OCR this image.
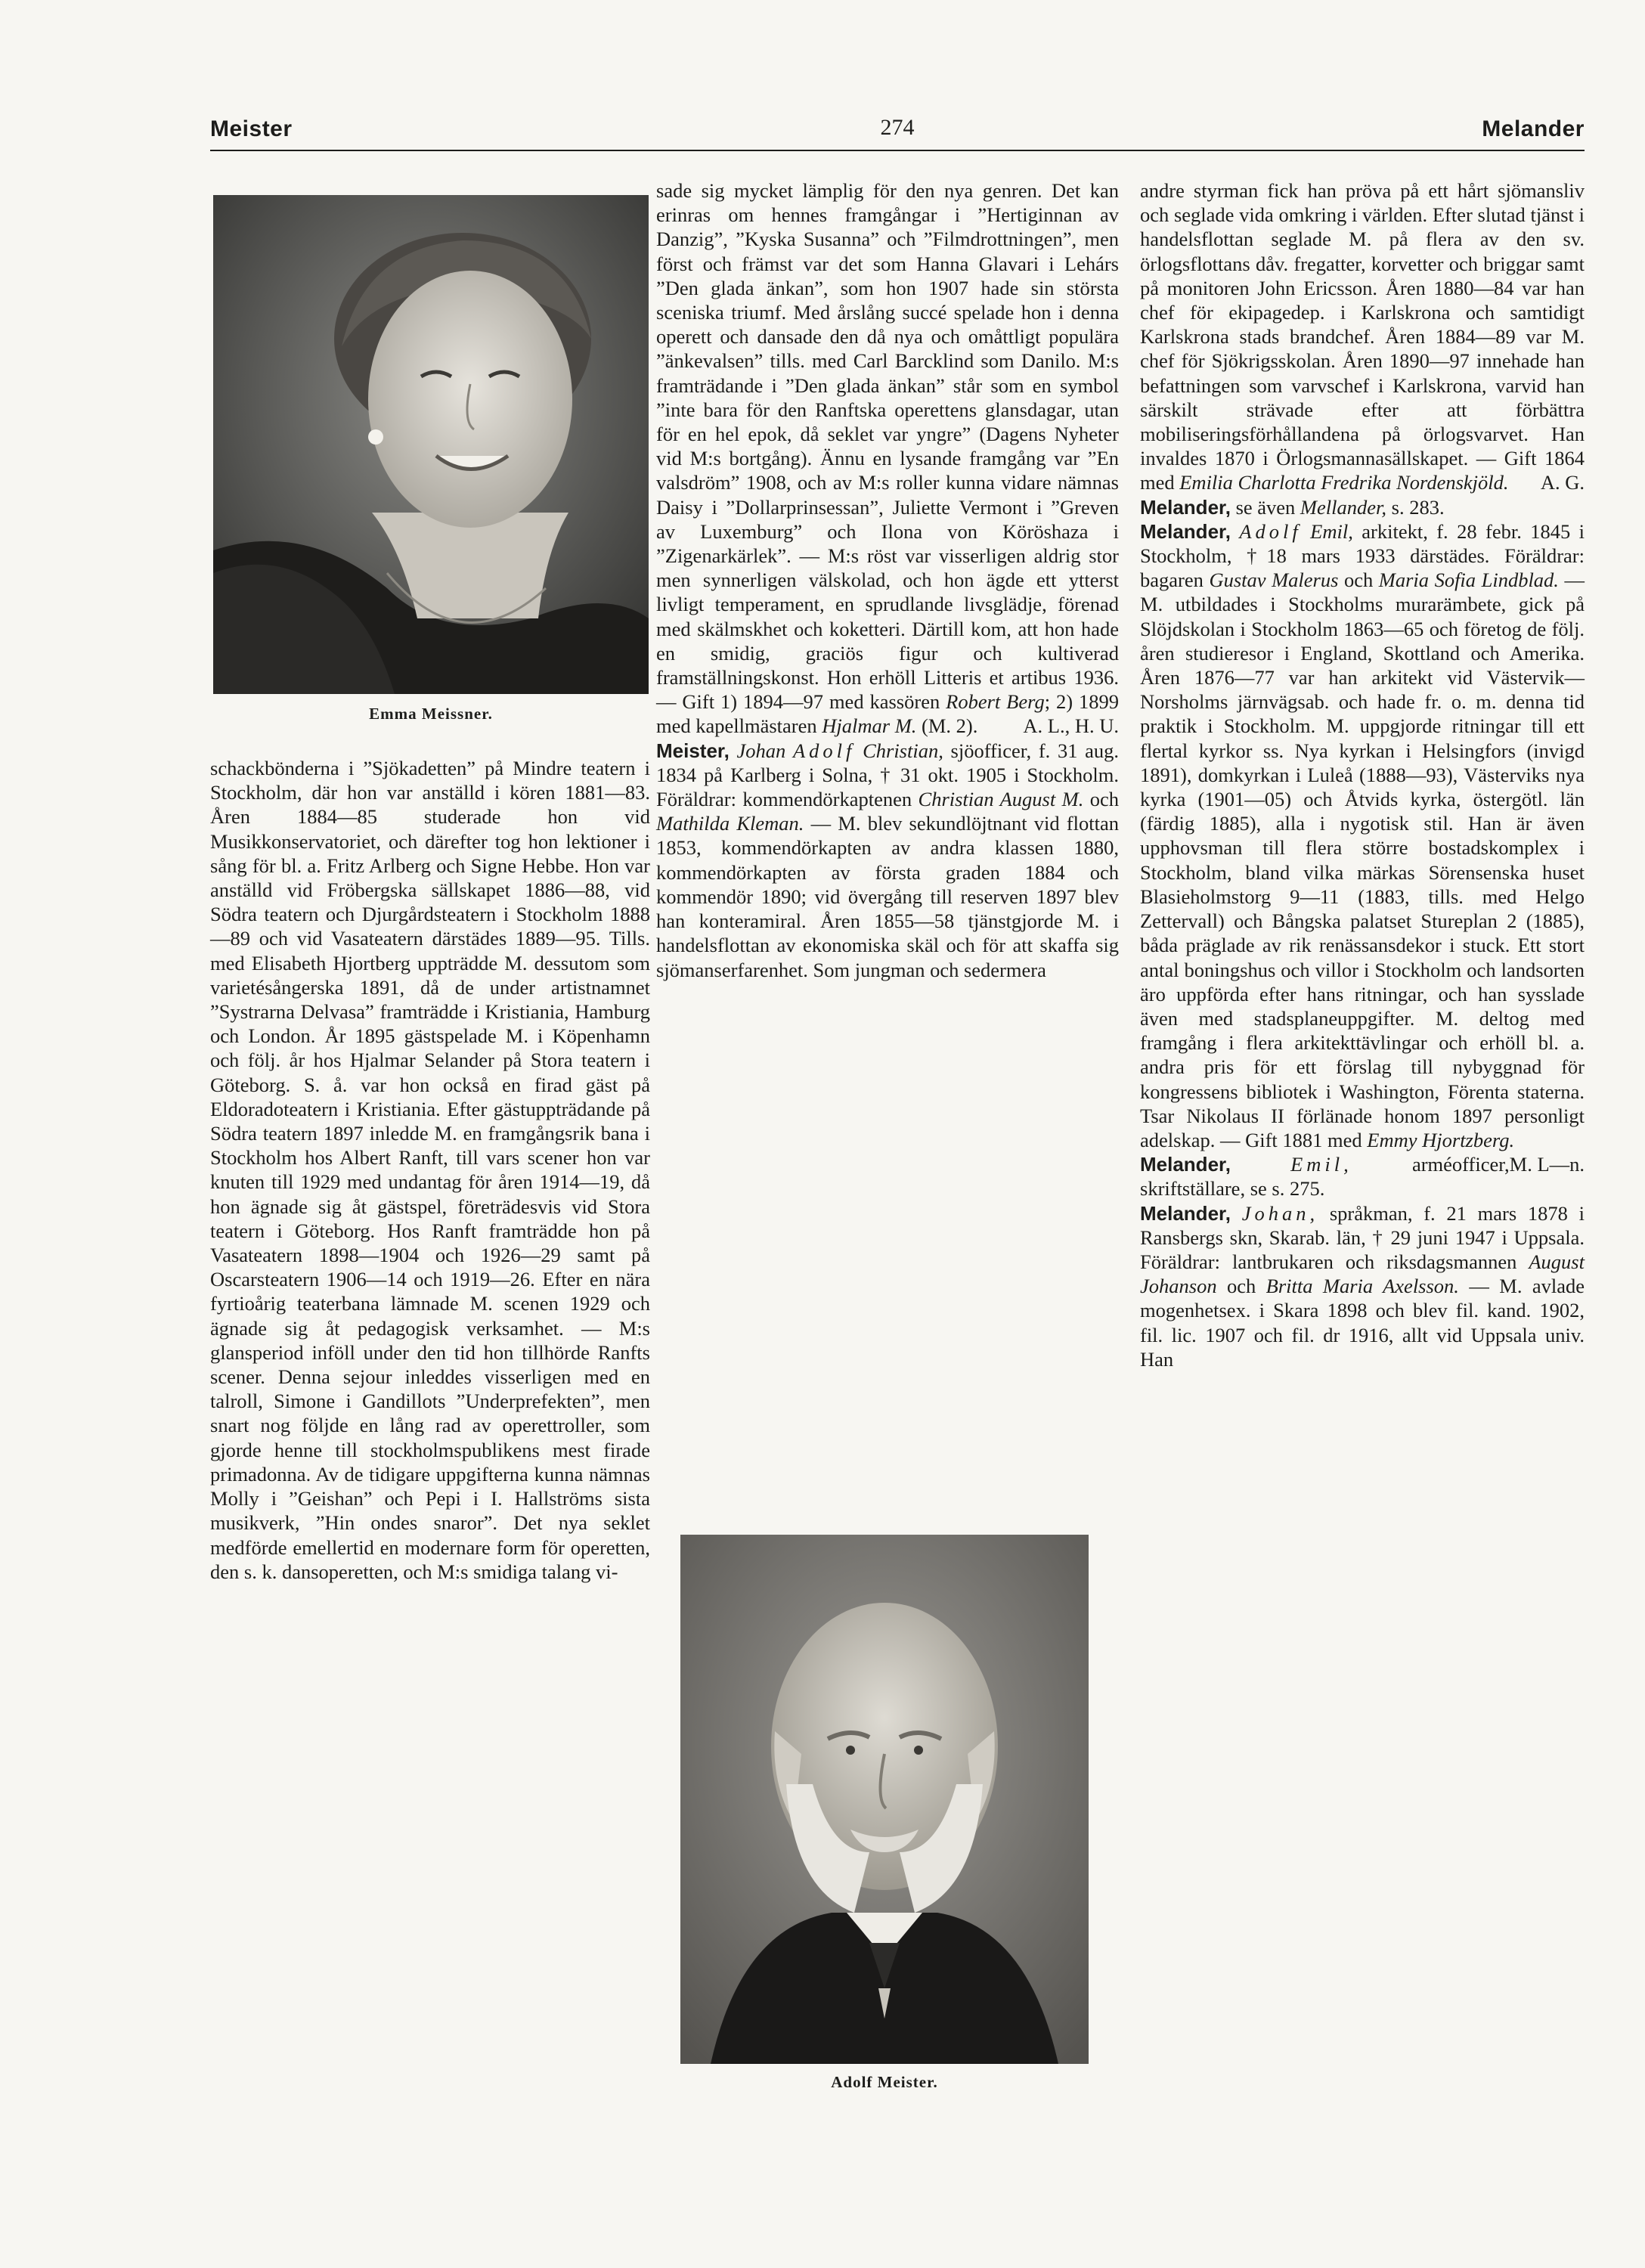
Meister	274	Melander
Emma Meissner.
Adolf Meister.

schackbönderna i ”Sjökadetten” på Mindre teatern i Stockholm, där hon var anställd i kören 1881—83. Åren 1884—85 studerade hon vid Musikkonservatoriet, och därefter tog hon lektioner i sång för bl. a. Fritz Arlberg och Signe Hebbe. Hon var anställd vid Fröbergska sällskapet 1886—88, vid Södra teatern och Djurgårdsteatern i Stockholm 1888—89 och vid Vasateatern därstädes 1889—95. Tills. med Elisabeth Hjortberg uppträdde M. dessutom som varietésångerska 1891, då de under artistnamnet ”Systrarna Delvasa” framträdde i Kristiania, Hamburg och London. År 1895 gästspelade M. i Köpenhamn och följ. år hos Hjalmar Selander på Stora teatern i Göteborg. S. å. var hon också en firad gäst på Eldoradoteatern i Kristiania. Efter gästuppträdande på Södra teatern 1897 inledde M. en framgångsrik bana i Stockholm hos Albert Ranft, till vars scener hon var knuten till 1929 med undantag för åren 1914—19, då hon ägnade sig åt gästspel, företrädesvis vid Stora teatern i Göteborg. Hos Ranft framträdde hon på Vasateatern 1898—1904 och 1926—29 samt på Oscarsteatern 1906—14 och 1919—26. Efter en nära fyrtioårig teaterbana lämnade M. scenen 1929 och ägnade sig åt pedagogisk verksamhet. — M:s glansperiod inföll under den tid hon tillhörde Ranfts scener. Denna sejour inleddes visserligen med en talroll, Simone i Gandillots ”Underprefekten”, men snart nog följde en lång rad av operettroller, som gjorde henne till stockholmspublikens mest firade primadonna. Av de tidigare uppgifterna kunna nämnas Molly i ”Geishan” och Pepi i I. Hallströms sista musikverk, ”Hin ondes snaror”. Det nya seklet medförde emellertid en modernare form för operetten, den s. k. dansoperetten, och M:s smidiga talang vi-

sade sig mycket lämplig för den nya genren. Det kan erinras om hennes framgångar i ”Hertiginnan av Danzig”, ”Kyska Susanna” och ”Filmdrottningen”, men först och främst var det som Hanna Glavari i Lehárs ”Den glada änkan”, som hon 1907 hade sin största sceniska triumf. Med årslång succé spelade hon i denna operett och dansade den då nya och omåttligt populära ”änkevalsen” tills. med Carl Barcklind som Danilo. M:s framträdande i ”Den glada änkan” står som en symbol ”inte bara för den Ranftska operettens glansdagar, utan för en hel epok, då seklet var yngre” (Dagens Nyheter vid M:s bortgång). Ännu en lysande framgång var ”En valsdröm” 1908, och av M:s roller kunna vidare nämnas Daisy i ”Dollarprinsessan”, Juliette Vermont i ”Greven av Luxemburg” och Ilona von Köröshaza i ”Zigenarkärlek”. — M:s röst var visserligen aldrig stor men synnerligen välskolad, och hon ägde ett ytterst livligt temperament, en sprudlande livsglädje, förenad med skälmskhet och koketteri. Därtill kom, att hon hade en smidig, graciös figur och kultiverad framställningskonst. Hon erhöll Litteris et artibus 1936. — Gift 1) 1894—97 med kassören Robert Berg; 2) 1899 med kapellmästaren Hjalmar M. (M. 2). A. L., H. U.

Meister, Johan Adolf Christian, sjöofficer, f. 31 aug. 1834 på Karlberg i Solna, † 31 okt. 1905 i Stockholm. Föräldrar: kommendörkaptenen Christian August M. och Mathilda Kleman. — M. blev sekundlöjtnant vid flottan 1853, kommendörkapten av andra klassen 1880, kommendörkapten av första graden 1884 och kommendör 1890; vid övergång till reserven 1897 blev han konteramiral. Åren 1855—58 tjänstgjorde M. i handelsflottan av ekonomiska skäl och för att skaffa sig sjömanserfarenhet. Som jungman och sedermera

andre styrman fick han pröva på ett hårt sjömansliv och seglade vida omkring i världen. Efter slutad tjänst i handelsflottan seglade M. på flera av den sv. örlogsflottans dåv. fregatter, korvetter och briggar samt på monitoren John Ericsson. Åren 1880—84 var han chef för ekipagedep. i Karlskrona och samtidigt Karlskrona stads brandchef. Åren 1884—89 var M. chef för Sjökrigsskolan. Åren 1890—97 innehade han befattningen som varvschef i Karlskrona, varvid han särskilt strävade efter att förbättra mobiliseringsförhållandena på örlogsvarvet. Han invaldes 1870 i Örlogsmannasällskapet. — Gift 1864 med Emilia Charlotta Fredrika Nordenskjöld. A. G.

Melander, se även Mellander, s. 283.

Melander, Adolf Emil, arkitekt, f. 28 febr. 1845 i Stockholm, †18 mars 1933 därstädes. Föräldrar: bagaren Gustav Malerus och Maria Sofia Lindblad. — M. utbildades i Stockholms murarämbete, gick på Slöjdskolan i Stockholm 1863—65 och företog de följ. åren studieresor i England, Skottland och Amerika. Åren 1876—77 var han arkitekt vid Västervik—Norsholms järnvägsab. och hade fr. o. m. denna tid praktik i Stockholm. M. uppgjorde ritningar till ett flertal kyrkor ss. Nya kyrkan i Helsingfors (invigd 1891), domkyrkan i Luleå (1888—93), Västerviks nya kyrka (1901—05) och Åtvids kyrka, östergötl. län (färdig 1885), alla i nygotisk stil. Han är även upphovsman till flera större bostadskomplex i Stockholm, bland vilka märkas Sörensenska huset Blasieholmstorg 9—11 (1883, tills. med Helgo Zettervall) och Bångska palatset Stureplan 2 (1885), båda präglade av rik renässansdekor i stuck. Ett stort antal boningshus och villor i Stockholm och landsorten äro uppförda efter hans ritningar, och han sysslade även med stadsplaneuppgifter. M. deltog med framgång i flera arkitekttävlingar och erhöll bl. a. andra pris för ett förslag till nybyggnad för kongressens bibliotek i Washington, Förenta staterna. Tsar Nikolaus II förlänade honom 1897 personligt adelskap. — Gift 1881 med Emmy Hjortzberg.
M. L—n.

Melander,	Emil, arméofficer, skriftställare, se s. 275.

Melander, Johan, språkman, f. 21 mars 1878 i Ransbergs skn, Skarab. län, † 29 juni 1947 i Uppsala. Föräldrar: lantbrukaren och riksdagsmannen August Johanson och Britta Maria Axelsson. — M. avlade mogenhetsex. i Skara 1898 och blev fil. kand. 1902, fil. lic. 1907 och fil. dr 1916, allt vid Uppsala univ. Han
